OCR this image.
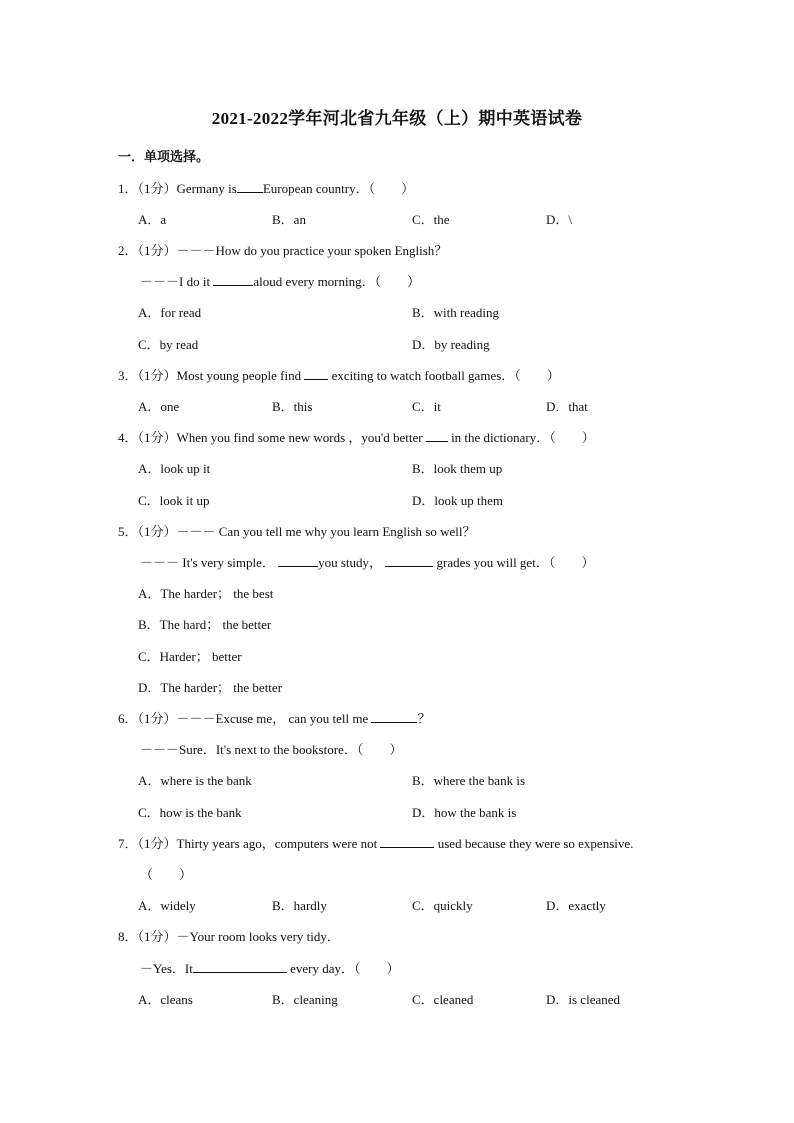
2021-2022学年河北省九年级（上）期中英语试卷
一．单项选择。
1．（1分）Germany is European country．（　　）
A．a	B．an	C．the	D．\
2．（1分）－－－How do you practice your spoken English？
－－－I do it	aloud every morning．（　　）
A．for read	B．with reading
C．by read	D．by reading
3．（1分）Most young people find  exciting to watch football games．（　　）
A．one	B．this	C．it	D．that
4．（1分）When you find some new words ，you'd better  in the dictionary．（　　）
A．look up it	B．look them up
C．look it up	D．look up them
5．（1分）－－－ Can you tell me why you learn English so well？
－－－ It's very simple．	you study，	grades you will get．（　　）
A．The harder； the best
B．The hard； the better
C．Harder； better
D．The harder； the better
6．（1分）－－－Excuse me， can you tell me	？
－－－Sure．It's next to the bookstore．（　　）
A．where is the bank	B．where the bank is
C．how is the bank	D．how the bank is
7．（1分）Thirty years ago，computers were not	used because they were so expensive.
（　　）
A．widely	B．hardly	C．quickly	D．exactly
8．（1分）－Your room looks very tidy．
－Yes．It	every day．（　　）
A．cleans	B．cleaning	C．cleaned	D．is cleaned
